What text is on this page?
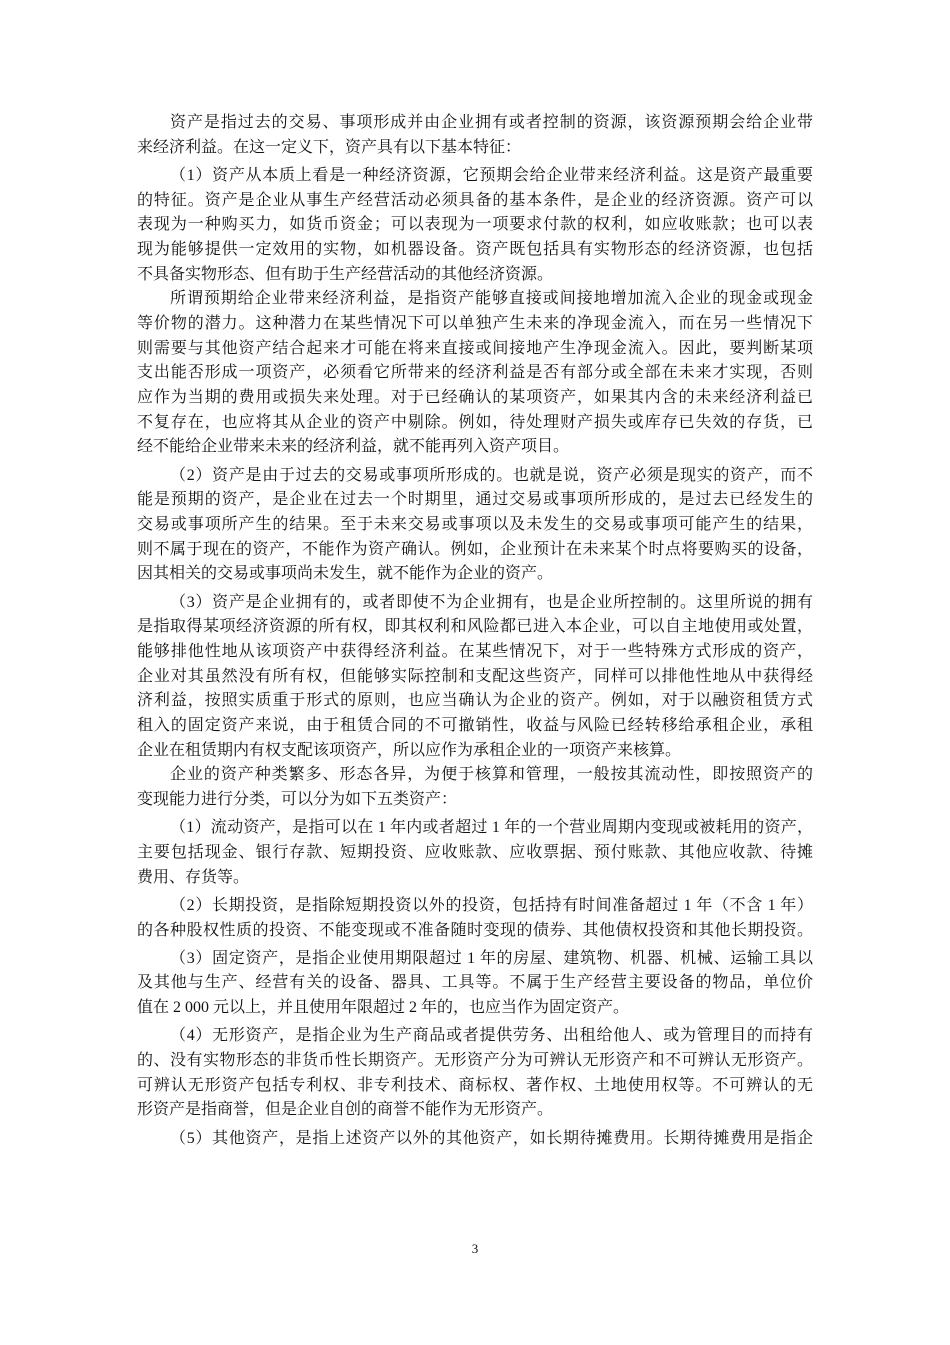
资产是指过去的交易、事项形成并由企业拥有或者控制的资源，该资源预期会给企业带
来经济利益。在这一定义下，资产具有以下基本特征：
（1）资产从本质上看是一种经济资源，它预期会给企业带来经济利益。这是资产最重要
的特征。资产是企业从事生产经营活动必须具备的基本条件，是企业的经济资源。资产可以
表现为一种购买力，如货币资金；可以表现为一项要求付款的权利，如应收账款；也可以表
现为能够提供一定效用的实物，如机器设备。资产既包括具有实物形态的经济资源，也包括
不具备实物形态、但有助于生产经营活动的其他经济资源。
所谓预期给企业带来经济利益，是指资产能够直接或间接地增加流入企业的现金或现金
等价物的潜力。这种潜力在某些情况下可以单独产生未来的净现金流入，而在另一些情况下
则需要与其他资产结合起来才可能在将来直接或间接地产生净现金流入。因此，要判断某项
支出能否形成一项资产，必须看它所带来的经济利益是否有部分或全部在未来才实现，否则
应作为当期的费用或损失来处理。对于已经确认的某项资产，如果其内含的未来经济利益已
不复存在，也应将其从企业的资产中剔除。例如，待处理财产损失或库存已失效的存货，已
经不能给企业带来未来的经济利益，就不能再列入资产项目。
（2）资产是由于过去的交易或事项所形成的。也就是说，资产必须是现实的资产，而不
能是预期的资产，是企业在过去一个时期里，通过交易或事项所形成的，是过去已经发生的
交易或事项所产生的结果。至于未来交易或事项以及未发生的交易或事项可能产生的结果，
则不属于现在的资产，不能作为资产确认。例如，企业预计在未来某个时点将要购买的设备，
因其相关的交易或事项尚未发生，就不能作为企业的资产。
（3）资产是企业拥有的，或者即使不为企业拥有，也是企业所控制的。这里所说的拥有
是指取得某项经济资源的所有权，即其权利和风险都已进入本企业，可以自主地使用或处置，
能够排他性地从该项资产中获得经济利益。在某些情况下，对于一些特殊方式形成的资产，
企业对其虽然没有所有权，但能够实际控制和支配这些资产，同样可以排他性地从中获得经
济利益，按照实质重于形式的原则，也应当确认为企业的资产。例如，对于以融资租赁方式
租入的固定资产来说，由于租赁合同的不可撤销性，收益与风险已经转移给承租企业，承租
企业在租赁期内有权支配该项资产，所以应作为承租企业的一项资产来核算。
企业的资产种类繁多、形态各异，为便于核算和管理，一般按其流动性，即按照资产的
变现能力进行分类，可以分为如下五类资产：
（1）流动资产，是指可以在 1 年内或者超过 1 年的一个营业周期内变现或被耗用的资产，
主要包括现金、银行存款、短期投资、应收账款、应收票据、预付账款、其他应收款、待摊
费用、存货等。
（2）长期投资，是指除短期投资以外的投资，包括持有时间准备超过 1 年（不含 1 年）
的各种股权性质的投资、不能变现或不准备随时变现的债券、其他债权投资和其他长期投资。
（3）固定资产，是指企业使用期限超过 1 年的房屋、建筑物、机器、机械、运输工具以
及其他与生产、经营有关的设备、器具、工具等。不属于生产经营主要设备的物品，单位价
值在 2 000 元以上，并且使用年限超过 2 年的，也应当作为固定资产。
（4）无形资产，是指企业为生产商品或者提供劳务、出租给他人、或为管理目的而持有
的、没有实物形态的非货币性长期资产。无形资产分为可辨认无形资产和不可辨认无形资产。
可辨认无形资产包括专利权、非专利技术、商标权、著作权、土地使用权等。不可辨认的无
形资产是指商誉，但是企业自创的商誉不能作为无形资产。
（5）其他资产，是指上述资产以外的其他资产，如长期待摊费用。长期待摊费用是指企
3
